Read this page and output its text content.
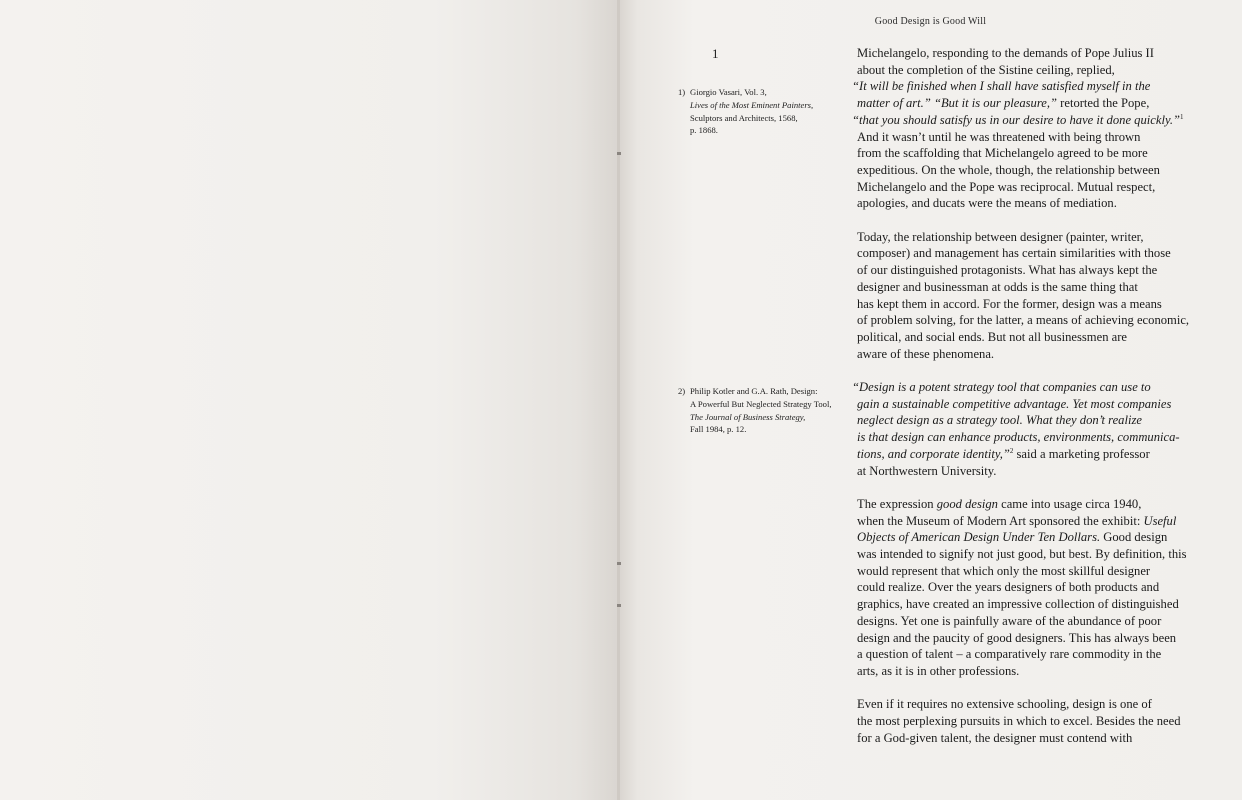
Good Design is Good Will
1
1) Giorgio Vasari, Vol. 3,
Lives of the Most Eminent Painters,
Sculptors and Architects, 1568,
p. 1868.
2) Philip Kotler and G.A. Rath, Design:
A Powerful But Neglected Strategy Tool,
The Journal of Business Strategy,
Fall 1984, p. 12.

Michelangelo, responding to the demands of Pope Julius II
about the completion of the Sistine ceiling, replied,
“It will be finished when I shall have satisfied myself in the
matter of art.” “But it is our pleasure,” retorted the Pope,
“that you should satisfy us in our desire to have it done quickly.”$^1$
And it wasn’t until he was threatened with being thrown
from the scaffolding that Michelangelo agreed to be more
expeditious. On the whole, though, the relationship between
Michelangelo and the Pope was reciprocal. Mutual respect,
apologies, and ducats were the means of mediation.

Today, the relationship between designer (painter, writer,
composer) and management has certain similarities with those
of our distinguished protagonists. What has always kept the
designer and businessman at odds is the same thing that
has kept them in accord. For the former, design was a means
of problem solving, for the latter, a means of achieving economic,
political, and social ends. But not all businessmen are
aware of these phenomena.

“Design is a potent strategy tool that companies can use to
gain a sustainable competitive advantage. Yet most companies
neglect design as a strategy tool. What they don’t realize
is that design can enhance products, environments, communica-
tions, and corporate identity,”$^2$ said a marketing professor
at Northwestern University.

The expression good design came into usage circa 1940,
when the Museum of Modern Art sponsored the exhibit: Useful
Objects of American Design Under Ten Dollars. Good design
was intended to signify not just good, but best. By definition, this
would represent that which only the most skillful designer
could realize. Over the years designers of both products and
graphics, have created an impressive collection of distinguished
designs. Yet one is painfully aware of the abundance of poor
design and the paucity of good designers. This has always been
a question of talent – a comparatively rare commodity in the
arts, as it is in other professions.

Even if it requires no extensive schooling, design is one of
the most perplexing pursuits in which to excel. Besides the need
for a God-given talent, the designer must contend with
